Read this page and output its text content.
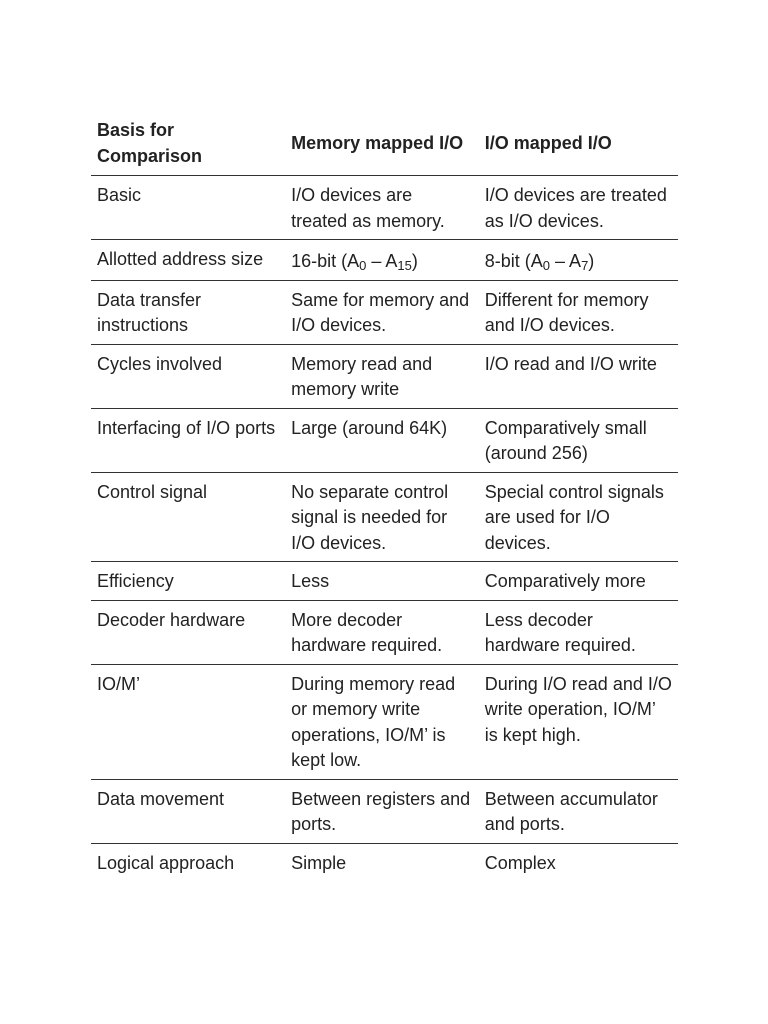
Basis for Comparison	Memory mapped I/O	I/O mapped I/O
Basic	I/O devices are treated as memory.	I/O devices are treated as I/O devices.
Allotted address size	16-bit $(A_0 - A_{15})$	8-bit $(A_0 - A_7)$
Data transfer instructions	Same for memory and I/O devices.	Different for memory and I/O devices.
Cycles involved	Memory read and memory write	I/O read and I/O write
Interfacing of I/O ports	Large (around 64K)	Comparatively small (around 256)
Control signal	No separate control signal is needed for I/O devices.	Special control signals are used for I/O devices.
Efficiency	Less	Comparatively more
Decoder hardware	More decoder hardware required.	Less decoder hardware required.
IO/M’	During memory read or memory write operations, IO/M’ is kept low.	During I/O read and I/O write operation, IO/M’ is kept high.
Data movement	Between registers and ports.	Between accumulator and ports.
Logical approach	Simple	Complex
